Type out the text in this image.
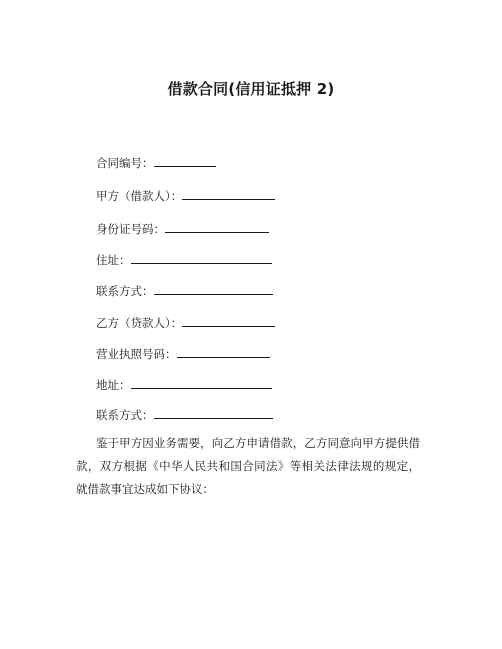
借款合同(信用证抵押 2)
合同编号：
甲方（借款人）：
身份证号码：
住址：
联系方式：
乙方（贷款人）：
营业执照号码：
地址：
联系方式：
鉴于甲方因业务需要，向乙方申请借款，乙方同意向甲方提供借款，双方根据《中华人民共和国合同法》等相关法律法规的规定，就借款事宜达成如下协议：
